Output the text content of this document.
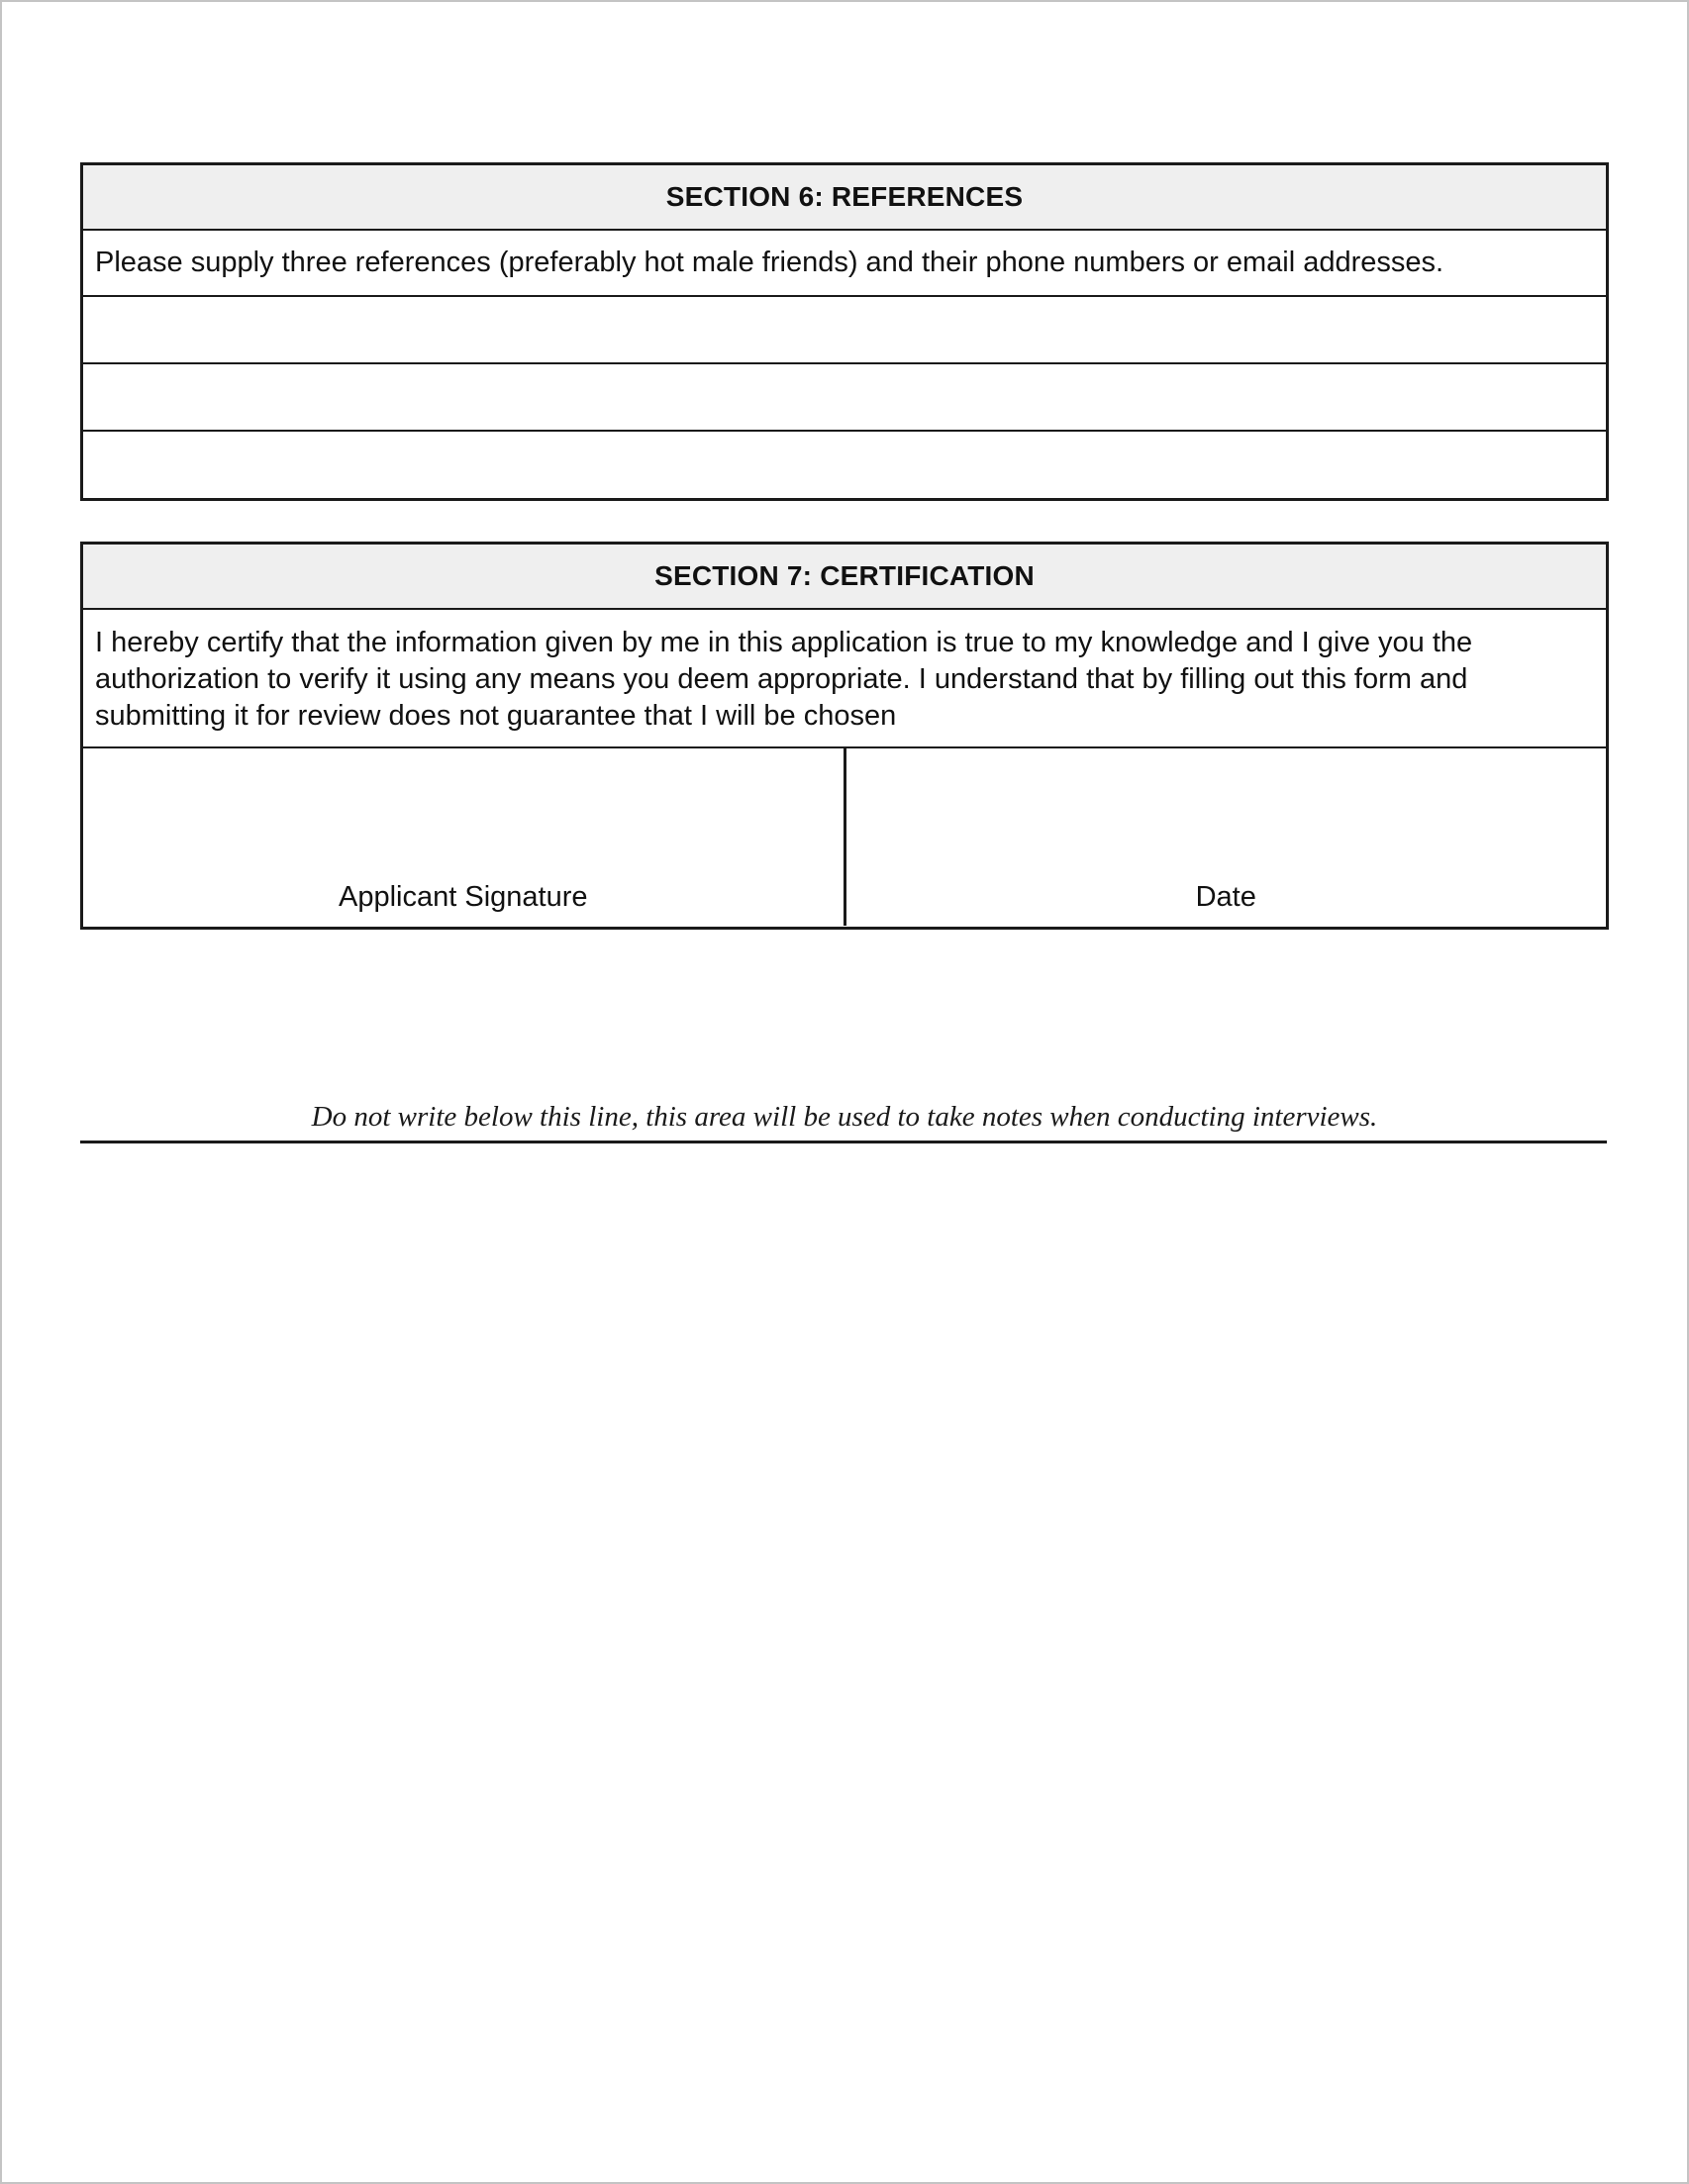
SECTION 6: REFERENCES
Please supply three references (preferably hot male friends) and their phone numbers or email addresses.
SECTION 7: CERTIFICATION
I hereby certify that the information given by me in this application is true to my knowledge and I give you the authorization to verify it using any means you deem appropriate. I understand that by filling out this form and submitting it for review does not guarantee that I will be chosen
Applicant Signature	Date
Do not write below this line, this area will be used to take notes when conducting interviews.
